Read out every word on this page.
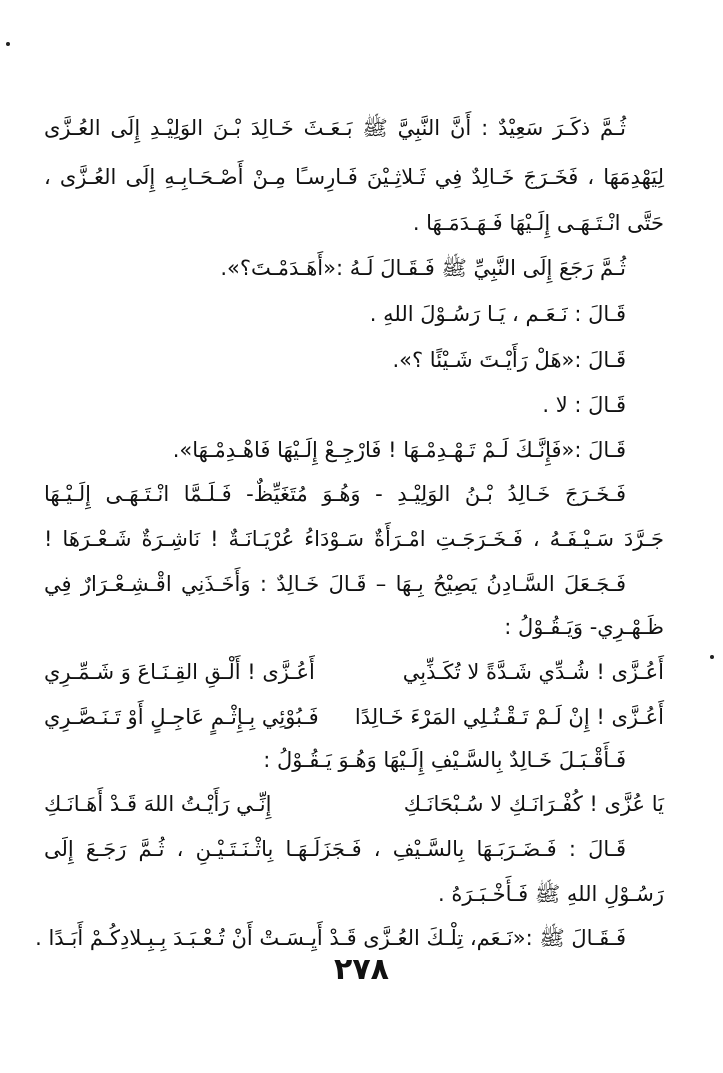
ثُـمَّ ذكَـرَ سَعِيْدٌ : أَنَّ النَّبِيَّ ﷺ بَـعَـثَ خَـالِدَ بْـنَ الوَلِيْـدِ إِلَى العُـزَّى
لِيَهْدِمَهَا ، فَخَـرَجَ خَـالِدٌ فِي ثَـلاثِـيْنَ فَـارِسـًا مِـنْ أَصْـحَـابِـهِ إِلَى العُـزَّى ،
حَتَّى انْـتَـهَـى إِلَـيْهَا فَـهَـدَمَـهَا .
ثُـمَّ رَجَعَ إِلَى النَّبِيِّ ﷺ فَـقَـالَ لَـهُ :«أَهَـدَمْـتَ؟».
قَـالَ : نَـعَـم ، يَـا رَسُـوْلَ اللهِ .
قَـالَ :«هَلْ رَأَيْـتَ شَـيْئًا ؟».
قَـالَ : لا .
قَـالَ :«فَإِنَّـكَ لَـمْ تَـهْـدِمْـهَا ! فَارْجِـعْ إِلَـيْهَا فَاهْـدِمْـهَا».
فَـخَـرَجَ خَـالِدُ بْـنُ الوَلِيْـدِ - وَهُـوَ مُتَغَيِّظٌ- فَـلَـمَّا انْـتَـهَـى إِلَـيْـهَا
جَـرَّدَ سَـيْـفَـهُ ، فَـخَـرَجَـتِ امْـرَأَةٌ سَـوْدَاءُ عُرْيَـانَـةٌ ! نَاشِـرَةٌ شَـعْـرَهَا !
فَـجَـعَلَ السَّـادِنُ يَصِيْحُ بِـهَا – قَـالَ خَـالِدٌ : وَأَخَـذَنِي اقْـشِـعْـرَارٌ فِي
ظَـهْـرِي- وَيَـقُـوْلُ :
أَعُـزَّى ! شُـدِّي شَـدَّةً لا تُكَـذِّبِي
أَعُـزَّى ! أَلْـقِ القِـنَـاعَ وَ شَـمِّـرِي
أَعُـزَّى ! إِنْ لَـمْ تَـقْـتُـلِي المَرْءَ خَـالِدًا
فَـبُوْئِي بِـإِثْـمٍ عَاجِـلٍ أَوْ تَـنَـصَّـرِي
فَـأَقْـبَـلَ خَـالِدٌ بِالسَّـيْفِ إِلَـيْهَا وَهُـوَ يَـقُـوْلُ :
يَا عُزَّى ! كُفْـرَانَـكِ لا سُـبْحَانَـكِ
إِنِّـي رَأَيْـتُ اللهَ قَـدْ أَهَـانَـكِ
قَـالَ : فَـضَـرَبَـهَا بِالسَّـيْفِ ، فَـجَزَلَـهَـا بِاثْـنَـتَـيْـنِ ، ثُـمَّ رَجَـعَ إِلَى
رَسُـوْلِ اللهِ ﷺ فَـأَخْـبَـرَهُ .
فَـقَـالَ ﷺ :«نَـعَم، تِلْـكَ العُـزَّى قَـدْ أَيِـسَـتْ أَنْ تُـعْـبَـدَ بِـبِـلادِكُـمْ أَبَـدًا .
٢٧٨
